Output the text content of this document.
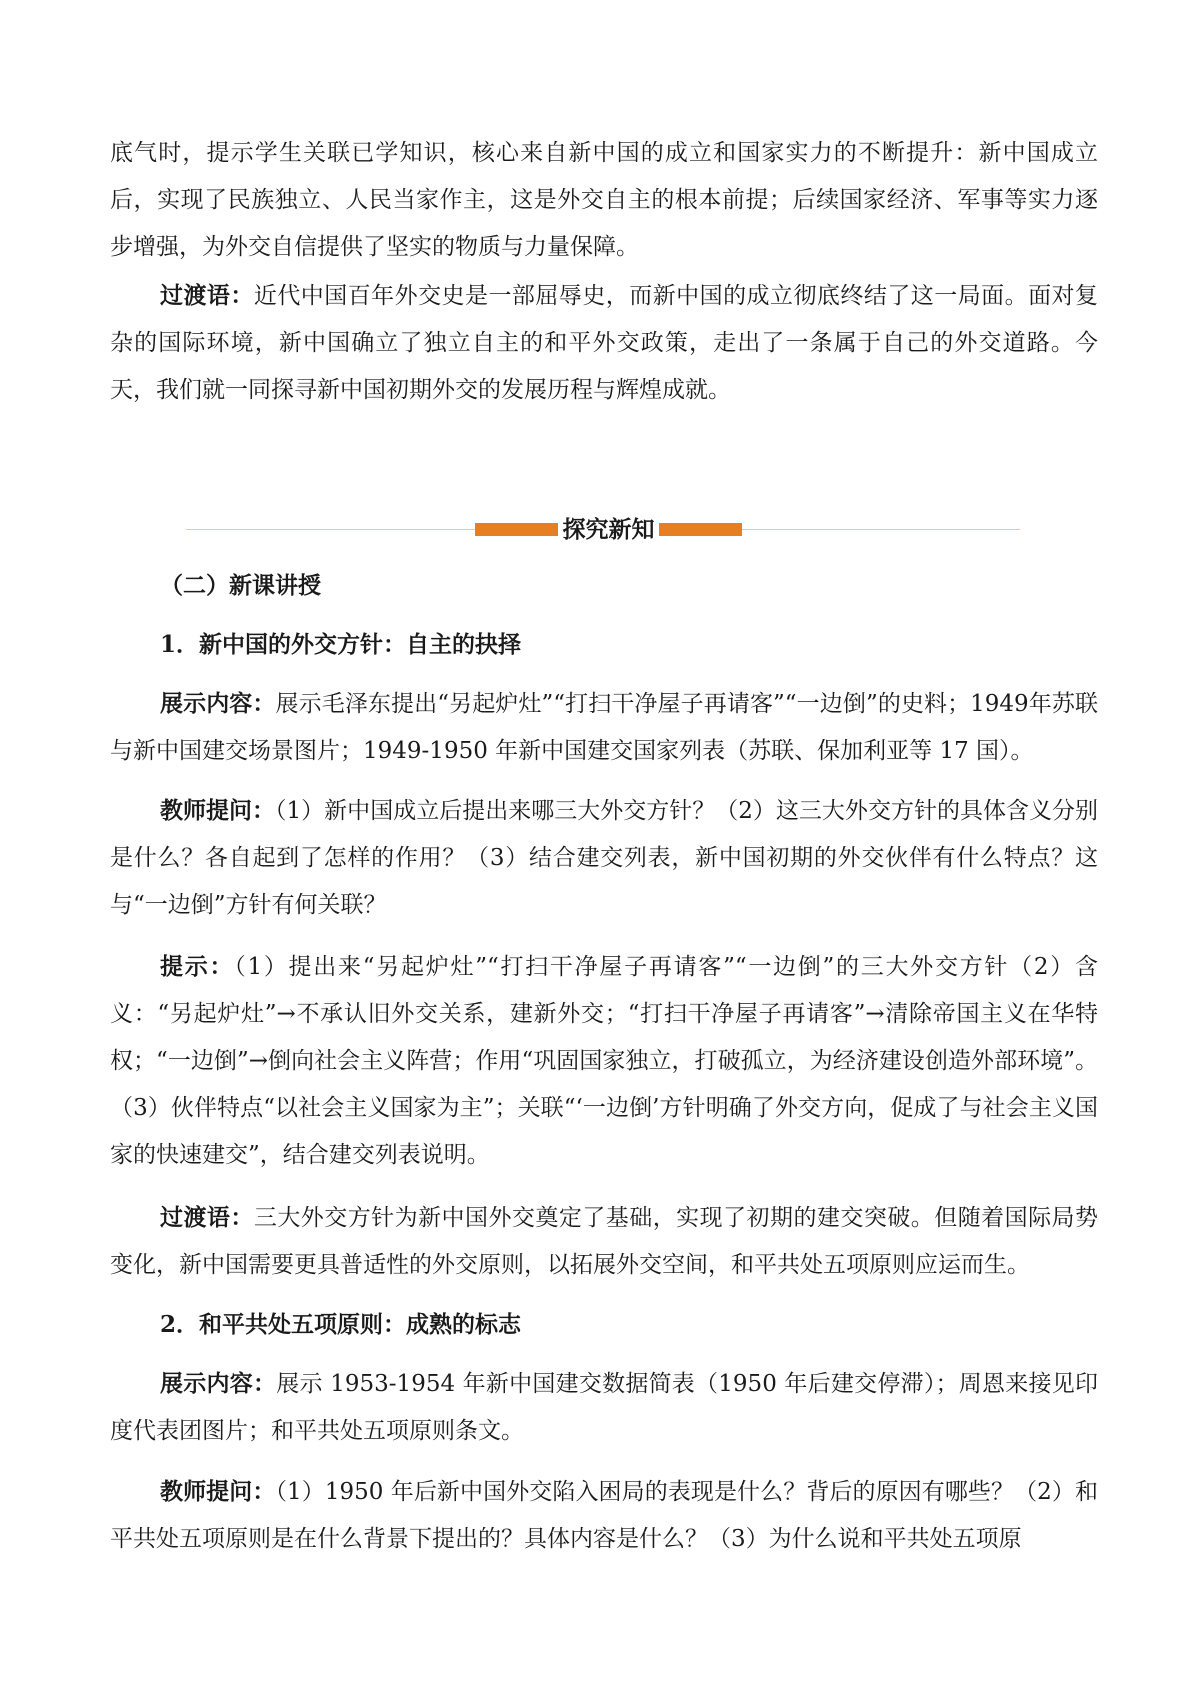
底气时，提示学生关联已学知识，核心来自新中国的成立和国家实力的不断提升：新中国成立后，实现了民族独立、人民当家作主，这是外交自主的根本前提；后续国家经济、军事等实力逐步增强，为外交自信提供了坚实的物质与力量保障。

过渡语：近代中国百年外交史是一部屈辱史，而新中国的成立彻底终结了这一局面。面对复杂的国际环境，新中国确立了独立自主的和平外交政策，走出了一条属于自己的外交道路。今天，我们就一同探寻新中国初期外交的发展历程与辉煌成就。

探究新知

（二）新课讲授

1．新中国的外交方针：自主的抉择

展示内容：展示毛泽东提出“另起炉灶”“打扫干净屋子再请客”“一边倒”的史料；1949年苏联与新中国建交场景图片；1949-1950 年新中国建交国家列表（苏联、保加利亚等 17 国）。

教师提问：（1）新中国成立后提出来哪三大外交方针？（2）这三大外交方针的具体含义分别是什么？各自起到了怎样的作用？（3）结合建交列表，新中国初期的外交伙伴有什么特点？这与“一边倒”方针有何关联？

提示：（1）提出来“另起炉灶”“打扫干净屋子再请客”“一边倒”的三大外交方针（2）含义：“另起炉灶”→不承认旧外交关系，建新外交；“打扫干净屋子再请客”→清除帝国主义在华特权；“一边倒”→倒向社会主义阵营；作用“巩固国家独立，打破孤立，为经济建设创造外部环境”。（3）伙伴特点“以社会主义国家为主”；关联“‘一边倒’方针明确了外交方向，促成了与社会主义国家的快速建交”，结合建交列表说明。

过渡语：三大外交方针为新中国外交奠定了基础，实现了初期的建交突破。但随着国际局势变化，新中国需要更具普适性的外交原则，以拓展外交空间，和平共处五项原则应运而生。

2．和平共处五项原则：成熟的标志

展示内容：展示 1953-1954 年新中国建交数据简表（1950 年后建交停滞）；周恩来接见印度代表团图片；和平共处五项原则条文。

教师提问：（1）1950 年后新中国外交陷入困局的表现是什么？背后的原因有哪些？（2）和平共处五项原则是在什么背景下提出的？具体内容是什么？（3）为什么说和平共处五项原
